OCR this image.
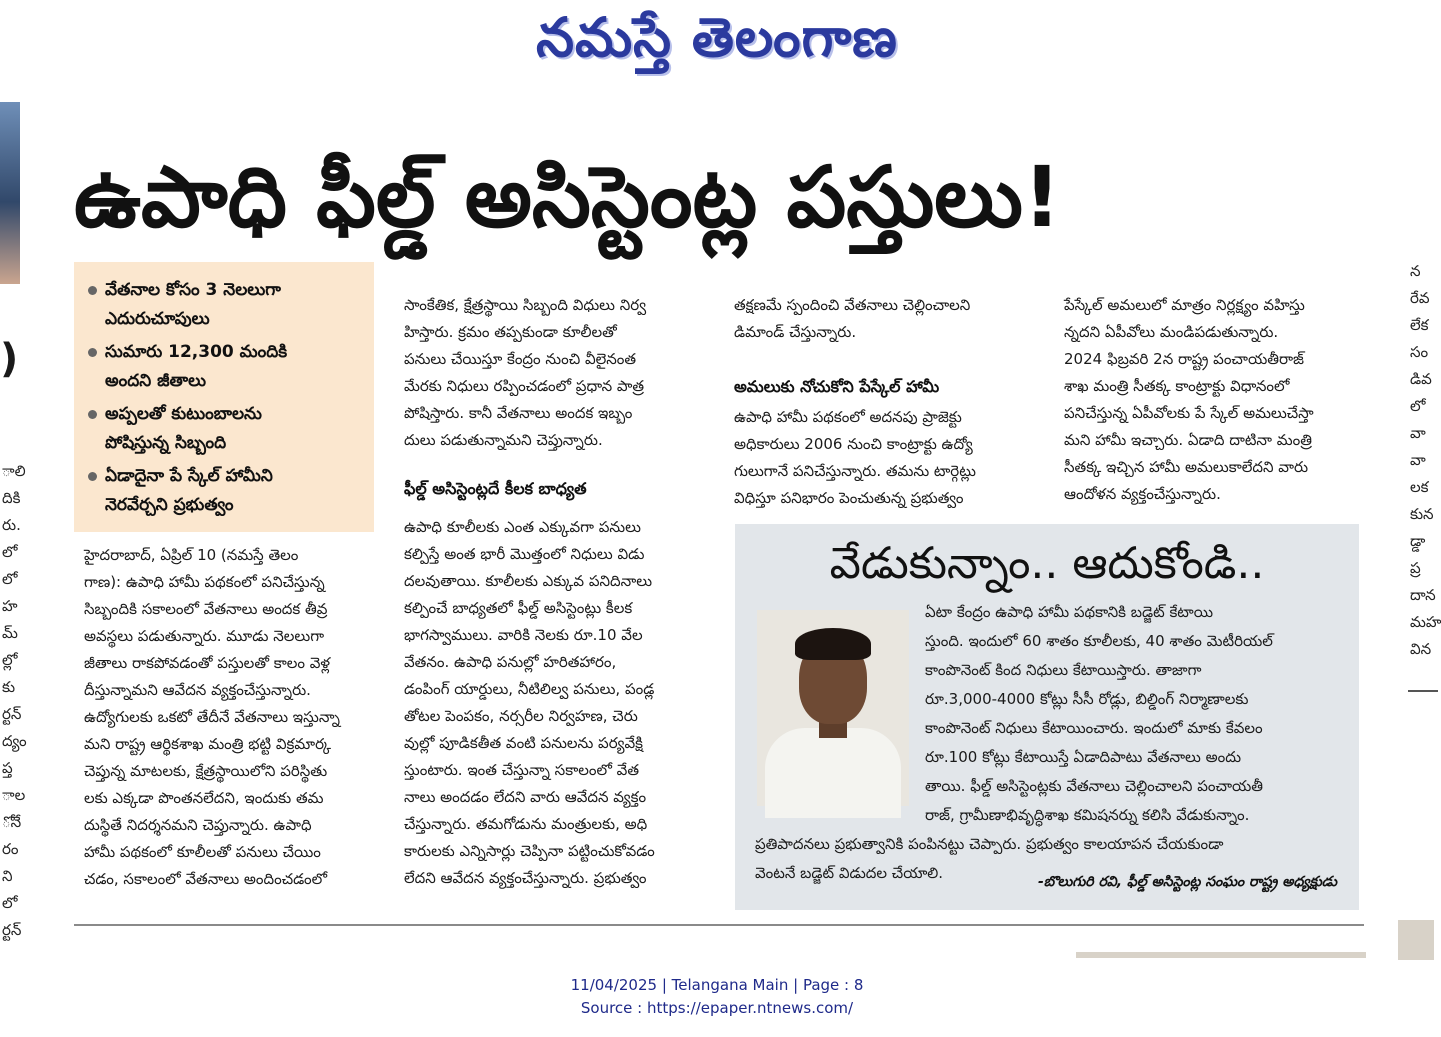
నమస్తే తెలంగాణ
)
ాలి
దికి
రు.
లో
లో
హ
మ్
ల్లో
కు
ర్టన్
ద్యం
ప్త
ాల
ోనే
రం
ని
లో
ర్టన్
న
రేవ
లేక
సం
డివ
లో
వా
వా
లక
కున
డ్డా
ప్ర
దాన
మహ
విన
ఉపాధి ఫీల్డ్ అసిస్టెంట్ల పస్తులు!
వేతనాల కోసం 3 నెలలుగా
ఎదురుచూపులు
సుమారు 12,300 మందికి
అందని జీతాలు
అప్పలతో కుటుంబాలను
పోషిస్తున్న సిబ్బంది
ఏడాదైనా పే స్కేల్ హామీని
నెరవేర్చని ప్రభుత్వం
హైదరాబాద్, ఏప్రిల్ 10 (నమస్తే తెలం
గాణ): ఉపాధి హామీ పథకంలో పనిచేస్తున్న
సిబ్బందికి సకాలంలో వేతనాలు అందక తీవ్ర
అవస్థలు పడుతున్నారు. మూడు నెలలుగా
జీతాలు రాకపోవడంతో పస్తులతో కాలం వెళ్ల
దీస్తున్నామని ఆవేదన వ్యక్తంచేస్తున్నారు.
ఉద్యోగులకు ఒకటో తేదీనే వేతనాలు ఇస్తున్నా
మని రాష్ట్ర ఆర్థికశాఖ మంత్రి భట్టి విక్రమార్క
చెప్తున్న మాటలకు, క్షేత్రస్థాయిలోని పరిస్థితు
లకు ఎక్కడా పొంతనలేదని, ఇందుకు తమ
దుస్థితే నిదర్శనమని చెప్తున్నారు. ఉపాధి
హామీ పథకంలో కూలీలతో పనులు చేయిం
చడం, సకాలంలో వేతనాలు అందించడంలో
సాంకేతిక, క్షేత్రస్థాయి సిబ్బంది విధులు నిర్వ
హిస్తారు. క్రమం తప్పకుండా కూలీలతో
పనులు చేయిస్తూ కేంద్రం నుంచి వీలైనంత
మేరకు నిధులు రప్పించడంలో ప్రధాన పాత్ర
పోషిస్తారు. కానీ వేతనాలు అందక ఇబ్బం
దులు పడుతున్నామని చెప్తున్నారు.
ఫీల్డ్ అసిస్టెంట్లదే కీలక బాధ్యత
ఉపాధి కూలీలకు ఎంత ఎక్కువగా పనులు
కల్పిస్తే అంత భారీ మొత్తంలో నిధులు విడు
దలవుతాయి. కూలీలకు ఎక్కువ పనిదినాలు
కల్పించే బాధ్యతలో ఫీల్డ్ అసిస్టెంట్లు కీలక
భాగస్వాములు. వారికి నెలకు రూ.10 వేల
వేతనం. ఉపాధి పనుల్లో హరితహారం,
డంపింగ్ యార్డులు, నీటిలిల్వ పనులు, పండ్ల
తోటల పెంపకం, నర్సరీల నిర్వహణ, చెరు
వుల్లో పూడికతీత వంటి పనులను పర్యవేక్షి
స్తుంటారు. ఇంత చేస్తున్నా సకాలంలో వేత
నాలు అందడం లేదని వారు ఆవేదన వ్యక్తం
చేస్తున్నారు. తమగోడును మంత్రులకు, అధి
కారులకు ఎన్నిసార్లు చెప్పినా పట్టించుకోవడం
లేదని ఆవేదన వ్యక్తంచేస్తున్నారు. ప్రభుత్వం
తక్షణమే స్పందించి వేతనాలు చెల్లించాలని
డిమాండ్ చేస్తున్నారు.
అమలుకు నోచుకోని పేస్కేల్ హామీ
ఉపాధి హామీ పథకంలో అదనపు ప్రాజెక్టు
అధికారులు 2006 నుంచి కాంట్రాక్టు ఉద్యో
గులుగానే పనిచేస్తున్నారు. తమను టార్గెట్లు
విధిస్తూ పనిభారం పెంచుతున్న ప్రభుత్వం
పేస్కేల్ అమలులో మాత్రం నిర్లక్ష్యం వహిస్తు
న్నదని ఏపీవోలు మండిపడుతున్నారు.
2024 ఫిబ్రవరి 2న రాష్ట్ర పంచాయతీరాజ్
శాఖ మంత్రి సీతక్క కాంట్రాక్టు విధానంలో
పనిచేస్తున్న ఏపీవోలకు పే స్కేల్ అమలుచేస్తా
మని హామీ ఇచ్చారు. ఏడాది దాటినా మంత్రి
సీతక్క ఇచ్చిన హామీ అమలుకాలేదని వారు
ఆందోళన వ్యక్తంచేస్తున్నారు.
వేడుకున్నాం.. ఆదుకోండి..
ఏటా కేంద్రం ఉపాధి హామీ పథకానికి బడ్జెట్ కేటాయి
స్తుంది. ఇందులో 60 శాతం కూలీలకు, 40 శాతం మెటీరియల్
కాంపొనెంట్ కింద నిధులు కేటాయిస్తారు. తాజాగా
రూ.3,000-4000 కోట్లు సీసీ రోడ్లు, బిల్డింగ్ నిర్మాణాలకు
కాంపొనెంట్ నిధులు కేటాయించారు. ఇందులో మాకు కేవలం
రూ.100 కోట్లు కేటాయిస్తే ఏడాదిపాటు వేతనాలు అందు
తాయి. ఫీల్డ్ అసిస్టెంట్లకు వేతనాలు చెల్లించాలని పంచాయతీ
రాజ్, గ్రామీణాభివృద్ధిశాఖ కమిషనర్ను కలిసి వేడుకున్నాం.
ప్రతిపాదనలు ప్రభుత్వానికి పంపినట్టు చెప్పారు. ప్రభుత్వం కాలయాపన చేయకుండా
వెంటనే బడ్జెట్ విడుదల చేయాలి.	-బొలుగురి రవి, ఫీల్డ్ అసిస్టెంట్ల సంఘం రాష్ట్ర అధ్యక్షుడు
11/04/2025 | Telangana Main | Page : 8
Source : https://epaper.ntnews.com/
